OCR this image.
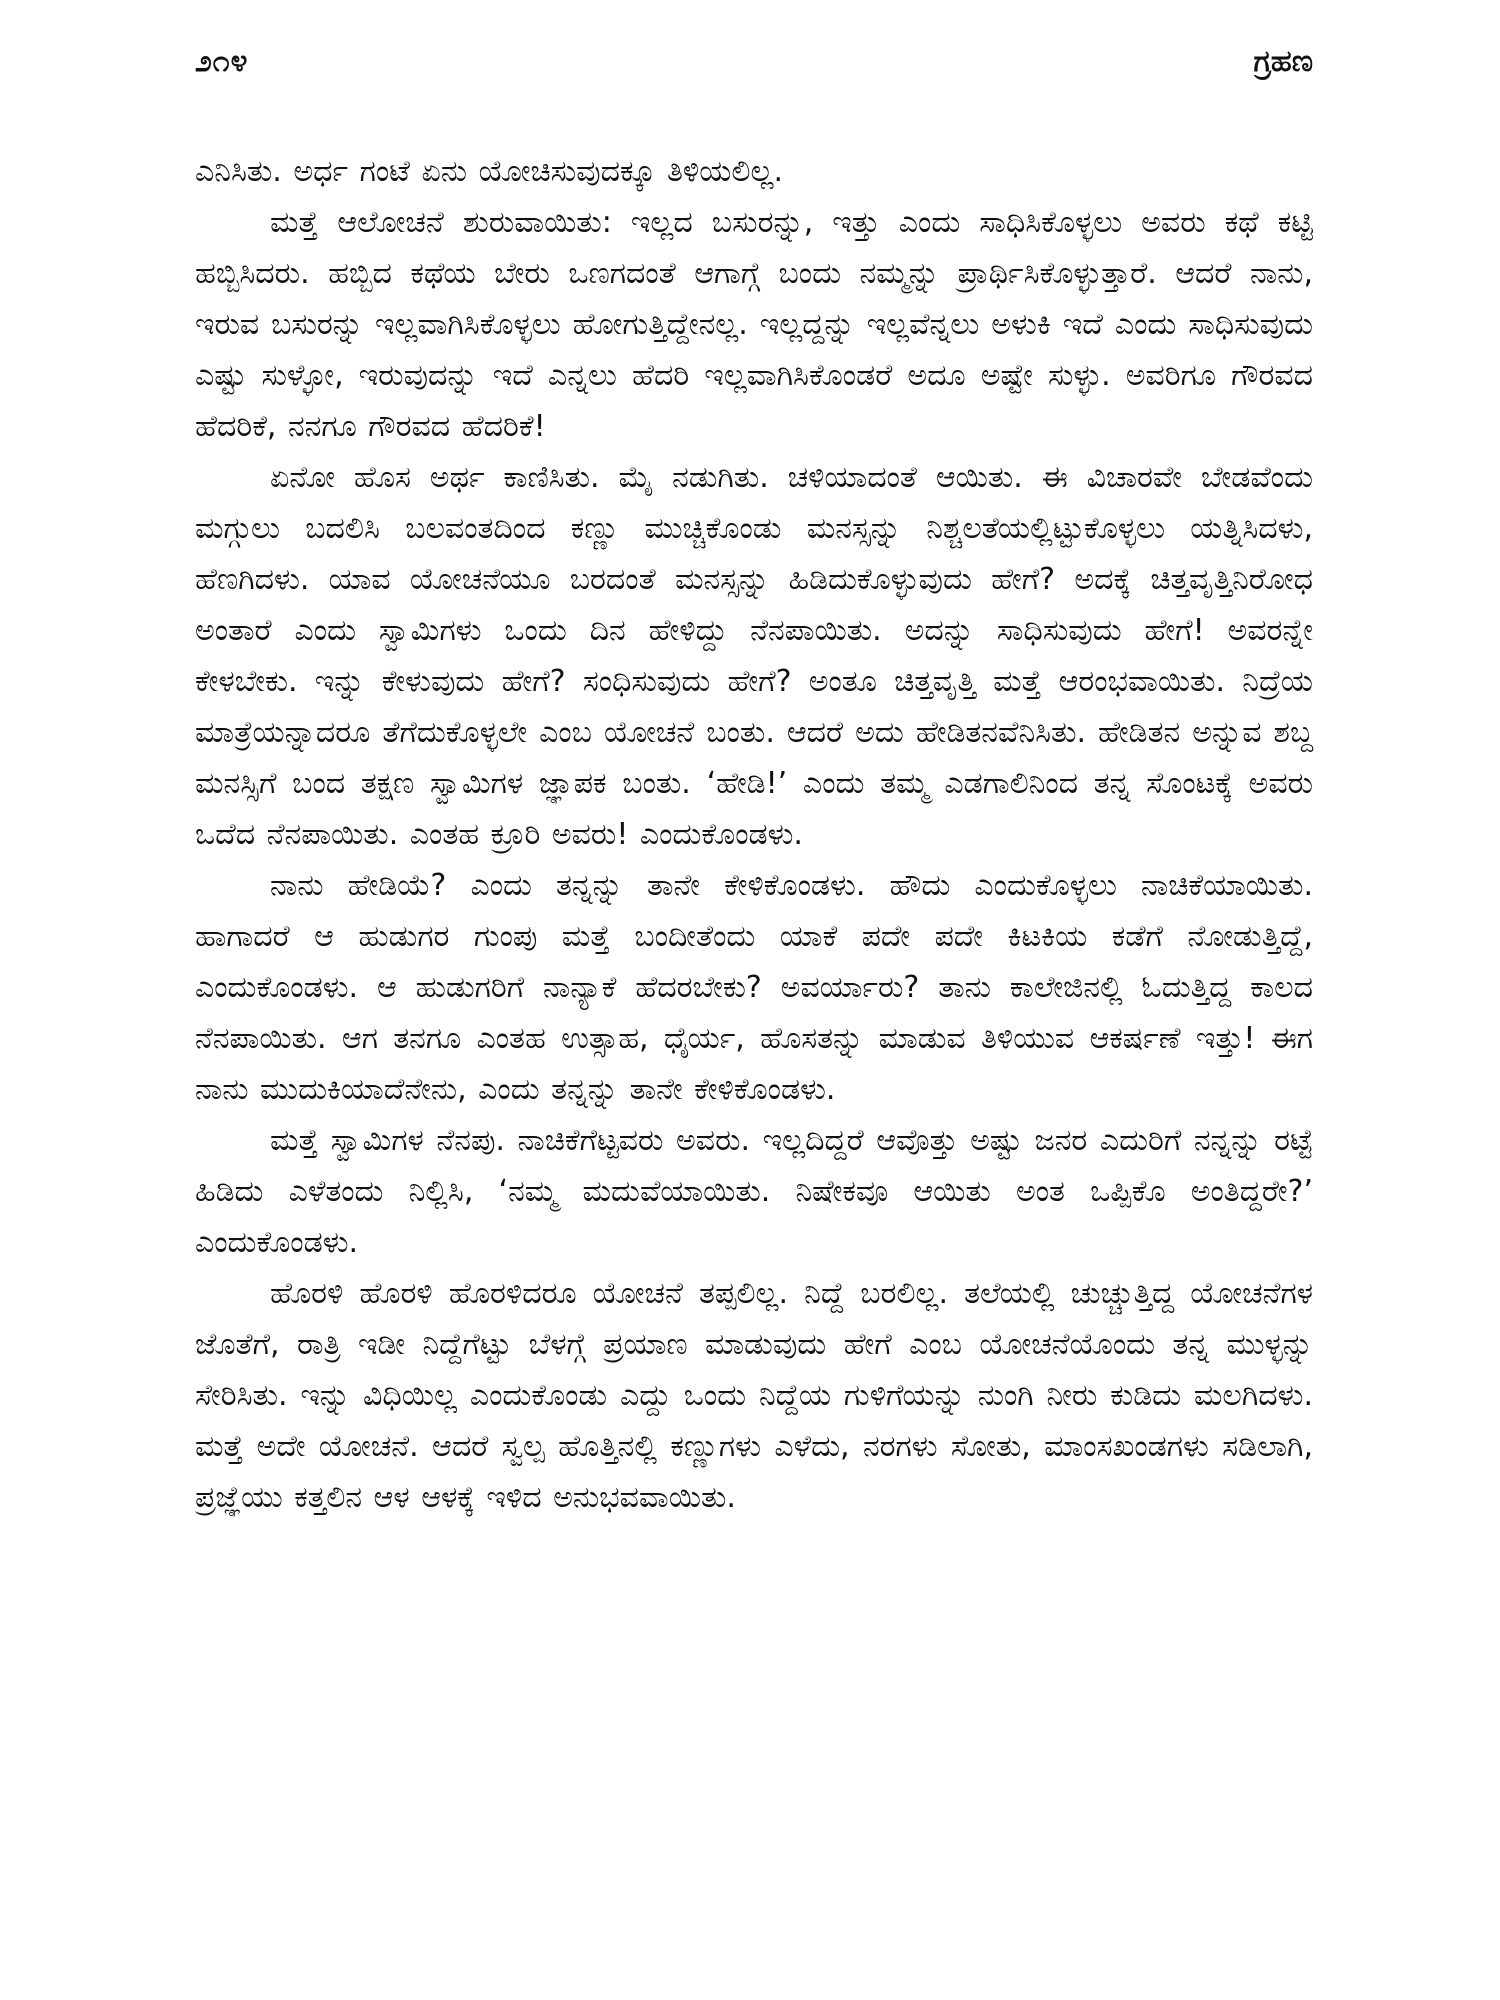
೨೧೪	ಗ್ರಹಣ

ಎನಿಸಿತು. ಅರ್ಧ ಗಂಟೆ ಏನು ಯೋಚಿಸುವುದಕ್ಕೂ ತಿಳಿಯಲಿಲ್ಲ.

ಮತ್ತೆ ಆಲೋಚನೆ ಶುರುವಾಯಿತು: ಇಲ್ಲದ ಬಸುರನ್ನು, ಇತ್ತು ಎಂದು ಸಾಧಿಸಿಕೊಳ್ಳಲು ಅವರು ಕಥೆ ಕಟ್ಟಿ ಹಬ್ಬಿಸಿದರು. ಹಬ್ಬಿದ ಕಥೆಯ ಬೇರು ಒಣಗದಂತೆ ಆಗಾಗ್ಗೆ ಬಂದು ನಮ್ಮನ್ನು ಪ್ರಾರ್ಥಿಸಿಕೊಳ್ಳುತ್ತಾರೆ. ಆದರೆ ನಾನು, ಇರುವ ಬಸುರನ್ನು ಇಲ್ಲವಾಗಿಸಿಕೊಳ್ಳಲು ಹೋಗುತ್ತಿದ್ದೇನಲ್ಲ. ಇಲ್ಲದ್ದನ್ನು ಇಲ್ಲವೆನ್ನಲು ಅಳುಕಿ ಇದೆ ಎಂದು ಸಾಧಿಸುವುದು ಎಷ್ಟು ಸುಳ್ಳೋ, ಇರುವುದನ್ನು ಇದೆ ಎನ್ನಲು ಹೆದರಿ ಇಲ್ಲವಾಗಿಸಿಕೊಂಡರೆ ಅದೂ ಅಷ್ಟೇ ಸುಳ್ಳು. ಅವರಿಗೂ ಗೌರವದ ಹೆದರಿಕೆ, ನನಗೂ ಗೌರವದ ಹೆದರಿಕೆ!

ಏನೋ ಹೊಸ ಅರ್ಥ ಕಾಣಿಸಿತು. ಮೈ ನಡುಗಿತು. ಚಳಿಯಾದಂತೆ ಆಯಿತು. ಈ ವಿಚಾರವೇ ಬೇಡವೆಂದು ಮಗ್ಗುಲು ಬದಲಿಸಿ ಬಲವಂತದಿಂದ ಕಣ್ಣು ಮುಚ್ಚಿಕೊಂಡು ಮನಸ್ಸನ್ನು ನಿಶ್ಚಲತೆಯಲ್ಲಿಟ್ಟುಕೊಳ್ಳಲು ಯತ್ನಿಸಿದಳು, ಹೆಣಗಿದಳು. ಯಾವ ಯೋಚನೆಯೂ ಬರದಂತೆ ಮನಸ್ಸನ್ನು ಹಿಡಿದುಕೊಳ್ಳುವುದು ಹೇಗೆ? ಅದಕ್ಕೆ ಚಿತ್ತವೃತ್ತಿನಿರೋಧ ಅಂತಾರೆ ಎಂದು ಸ್ವಾಮಿಗಳು ಒಂದು ದಿನ ಹೇಳಿದ್ದು ನೆನಪಾಯಿತು. ಅದನ್ನು ಸಾಧಿಸುವುದು ಹೇಗೆ! ಅವರನ್ನೇ ಕೇಳಬೇಕು. ಇನ್ನು ಕೇಳುವುದು ಹೇಗೆ? ಸಂಧಿಸುವುದು ಹೇಗೆ? ಅಂತೂ ಚಿತ್ತವೃತ್ತಿ ಮತ್ತೆ ಆರಂಭವಾಯಿತು. ನಿದ್ರೆಯ ಮಾತ್ರೆಯನ್ನಾದರೂ ತೆಗೆದುಕೊಳ್ಳಲೇ ಎಂಬ ಯೋಚನೆ ಬಂತು. ಆದರೆ ಅದು ಹೇಡಿತನವೆನಿಸಿತು. ಹೇಡಿತನ ಅನ್ನುವ ಶಬ್ದ ಮನಸ್ಸಿಗೆ ಬಂದ ತಕ್ಷಣ ಸ್ವಾಮಿಗಳ ಜ್ಞಾಪಕ ಬಂತು. ‘ಹೇಡಿ!’ ಎಂದು ತಮ್ಮ ಎಡಗಾಲಿನಿಂದ ತನ್ನ ಸೊಂಟಕ್ಕೆ ಅವರು ಒದೆದ ನೆನಪಾಯಿತು. ಎಂತಹ ಕ್ರೂರಿ ಅವರು! ಎಂದುಕೊಂಡಳು.

ನಾನು ಹೇಡಿಯೆ? ಎಂದು ತನ್ನನ್ನು ತಾನೇ ಕೇಳಿಕೊಂಡಳು. ಹೌದು ಎಂದುಕೊಳ್ಳಲು ನಾಚಿಕೆಯಾಯಿತು. ಹಾಗಾದರೆ ಆ ಹುಡುಗರ ಗುಂಪು ಮತ್ತೆ ಬಂದೀತೆಂದು ಯಾಕೆ ಪದೇ ಪದೇ ಕಿಟಕಿಯ ಕಡೆಗೆ ನೋಡುತ್ತಿದ್ದೆ, ಎಂದುಕೊಂಡಳು. ಆ ಹುಡುಗರಿಗೆ ನಾನ್ಯಾಕೆ ಹೆದರಬೇಕು? ಅವರ್ಯಾರು? ತಾನು ಕಾಲೇಜಿನಲ್ಲಿ ಓದುತ್ತಿದ್ದ ಕಾಲದ ನೆನಪಾಯಿತು. ಆಗ ತನಗೂ ಎಂತಹ ಉತ್ಸಾಹ, ಧೈರ್ಯ, ಹೊಸತನ್ನು ಮಾಡುವ ತಿಳಿಯುವ ಆಕರ್ಷಣೆ ಇತ್ತು! ಈಗ ನಾನು ಮುದುಕಿಯಾದೆನೇನು, ಎಂದು ತನ್ನನ್ನು ತಾನೇ ಕೇಳಿಕೊಂಡಳು.

ಮತ್ತೆ ಸ್ವಾಮಿಗಳ ನೆನಪು. ನಾಚಿಕೆಗೆಟ್ಟವರು ಅವರು. ಇಲ್ಲದಿದ್ದರೆ ಆವೊತ್ತು ಅಷ್ಟು ಜನರ ಎದುರಿಗೆ ನನ್ನನ್ನು ರಟ್ಟೆ ಹಿಡಿದು ಎಳೆತಂದು ನಿಲ್ಲಿಸಿ, ‘ನಮ್ಮ ಮದುವೆಯಾಯಿತು. ನಿಷೇಕವೂ ಆಯಿತು ಅಂತ ಒಪ್ಪಿಕೊ ಅಂತಿದ್ದರೇ?’ ಎಂದುಕೊಂಡಳು.

ಹೊರಳಿ ಹೊರಳಿ ಹೊರಳಿದರೂ ಯೋಚನೆ ತಪ್ಪಲಿಲ್ಲ. ನಿದ್ದೆ ಬರಲಿಲ್ಲ. ತಲೆಯಲ್ಲಿ ಚುಚ್ಚುತ್ತಿದ್ದ ಯೋಚನೆಗಳ ಜೊತೆಗೆ, ರಾತ್ರಿ ಇಡೀ ನಿದ್ದೆಗೆಟ್ಟು ಬೆಳಗ್ಗೆ ಪ್ರಯಾಣ ಮಾಡುವುದು ಹೇಗೆ ಎಂಬ ಯೋಚನೆಯೊಂದು ತನ್ನ ಮುಳ್ಳನ್ನು ಸೇರಿಸಿತು. ಇನ್ನು ವಿಧಿಯಿಲ್ಲ ಎಂದುಕೊಂಡು ಎದ್ದು ಒಂದು ನಿದ್ದೆಯ ಗುಳಿಗೆಯನ್ನು ನುಂಗಿ ನೀರು ಕುಡಿದು ಮಲಗಿದಳು. ಮತ್ತೆ ಅದೇ ಯೋಚನೆ. ಆದರೆ ಸ್ವಲ್ಪ ಹೊತ್ತಿನಲ್ಲಿ ಕಣ್ಣುಗಳು ಎಳೆದು, ನರಗಳು ಸೋತು, ಮಾಂಸಖಂಡಗಳು ಸಡಿಲಾಗಿ, ಪ್ರಜ್ಞೆಯು ಕತ್ತಲಿನ ಆಳ ಆಳಕ್ಕೆ ಇಳಿದ ಅನುಭವವಾಯಿತು.
